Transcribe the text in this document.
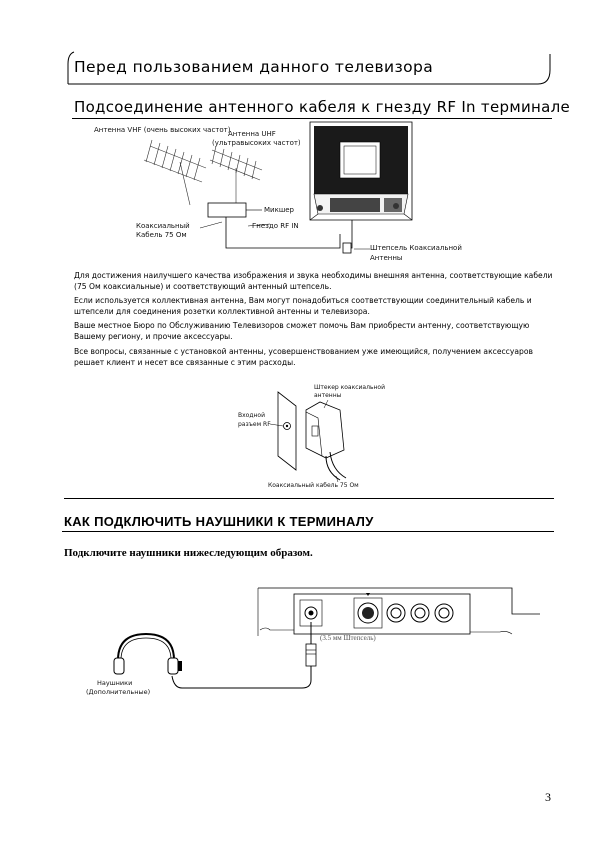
Перед пользованием данного телевизора
Подсоединение антенного кабеля к гнезду RF In терминале
Антенна VHF (очень высоких частот)
Антенна UHF
(ультравысоких частот)
Микшер
Гнездо RF IN
Коаксиальный
Кабель 75 Ом
Штепсель Коаксиальной
Антенны
Для достижения наилучшего качества изображения и звука необходимы внешняя антенна, соответствующие кабели (75 Ом коаксиальные) и соответствующий антенный штепсель.
Если используется коллективная антенна, Вам могут понадобиться соответствующии соединительный кабель и штепсели для соединения розетки коллективной антенны и телевизора.
Ваше местное Бюро по Обслуживанию Телевизоров сможет помочь Вам приобрести антенну, соответствующую Вашему региону, и прочие аксессуары.
Все вопросы, связанные с установкой антенны, усовершенствованием уже имеющийся, получением аксессуаров решает клиент и несет все связанные с этим расходы.
Входной
разъем RF
Штекер коаксиальной
антенны
Коаксиальный кабель 75 Ом
КАК ПОДКЛЮЧИТЬ НАУШНИКИ К ТЕРМИНАЛУ
Подключите наушники нижеследующим образом.
(3.5 мм Штепсель)
Наушники
(Дополнительные)
3
